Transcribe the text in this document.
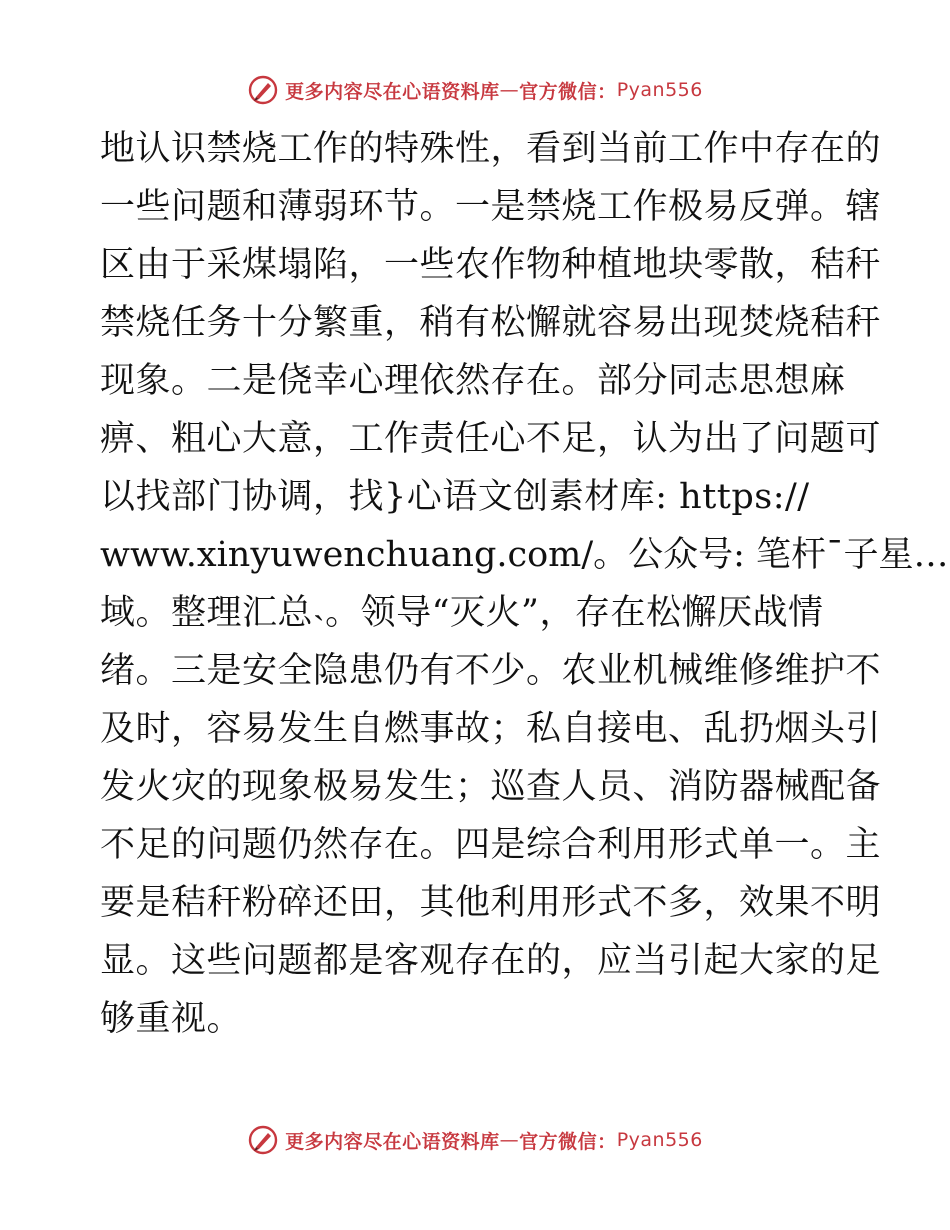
更多内容尽在心语资料库 — 官方微信： Pyan556
地认识禁烧工作的特殊性，看到当前工作中存在的
一些问题和薄弱环节。一是禁烧工作极易反弹。辖
区由于采煤塌陷，一些农作物种植地块零散，秸秆
禁烧任务十分繁重，稍有松懈就容易出现焚烧秸秆
现象。二是侥幸心理依然存在。部分同志思想麻
痹、粗心大意，工作责任心不足，认为出了问题可
以找部门协调，找}心语文创素材库: https://
www.xinyuwenchuang.com/。公众号: 笔杆¯子星…
域。整理汇总˴。领导“灭火”，存在松懈厌战情
绪。三是安全隐患仍有不少。农业机械维修维护不
及时，容易发生自燃事故；私自接电、乱扔烟头引
发火灾的现象极易发生；巡查人员、消防器械配备
不足的问题仍然存在。四是综合利用形式单一。主
要是秸秆粉碎还田，其他利用形式不多，效果不明
显。这些问题都是客观存在的，应当引起大家的足
够重视。
更多内容尽在心语资料库 — 官方微信： Pyan556
